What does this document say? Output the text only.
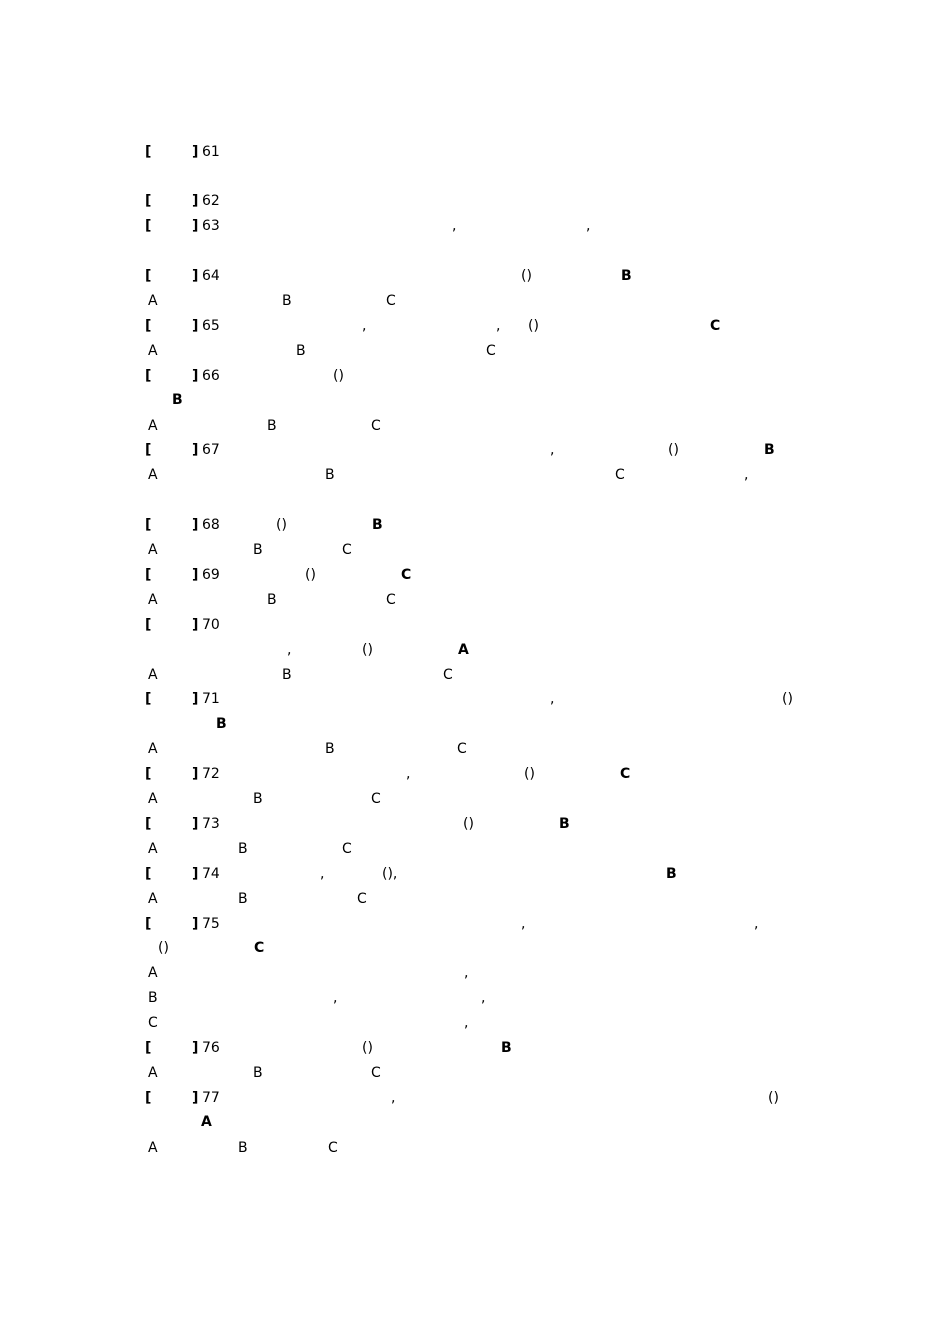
[	] 61
[	] 62
[	] 63	,	,
[	] 64	()	B
A	B	C
[	] 65	,	, ()	C
A	B	C
[	] 66	()
B
A	B	C
[	] 67	,	()	B
A	B	C	,
[	] 68	()	B
A	B	C
[	] 69	()	C
A	B	C
[	] 70
,	()	A
A	B	C
[	] 71	,	()
B
A	B	C
[	] 72	,	()	C
A	B	C
[	] 73	()	B
A	B	C
[	] 74	,	(),	B
A	B	C
[	] 75	,	,
()	C
A	,
B	,	,
C	,
[	] 76	()	B
A	B	C
[	] 77	,	()
A
A	B	C
